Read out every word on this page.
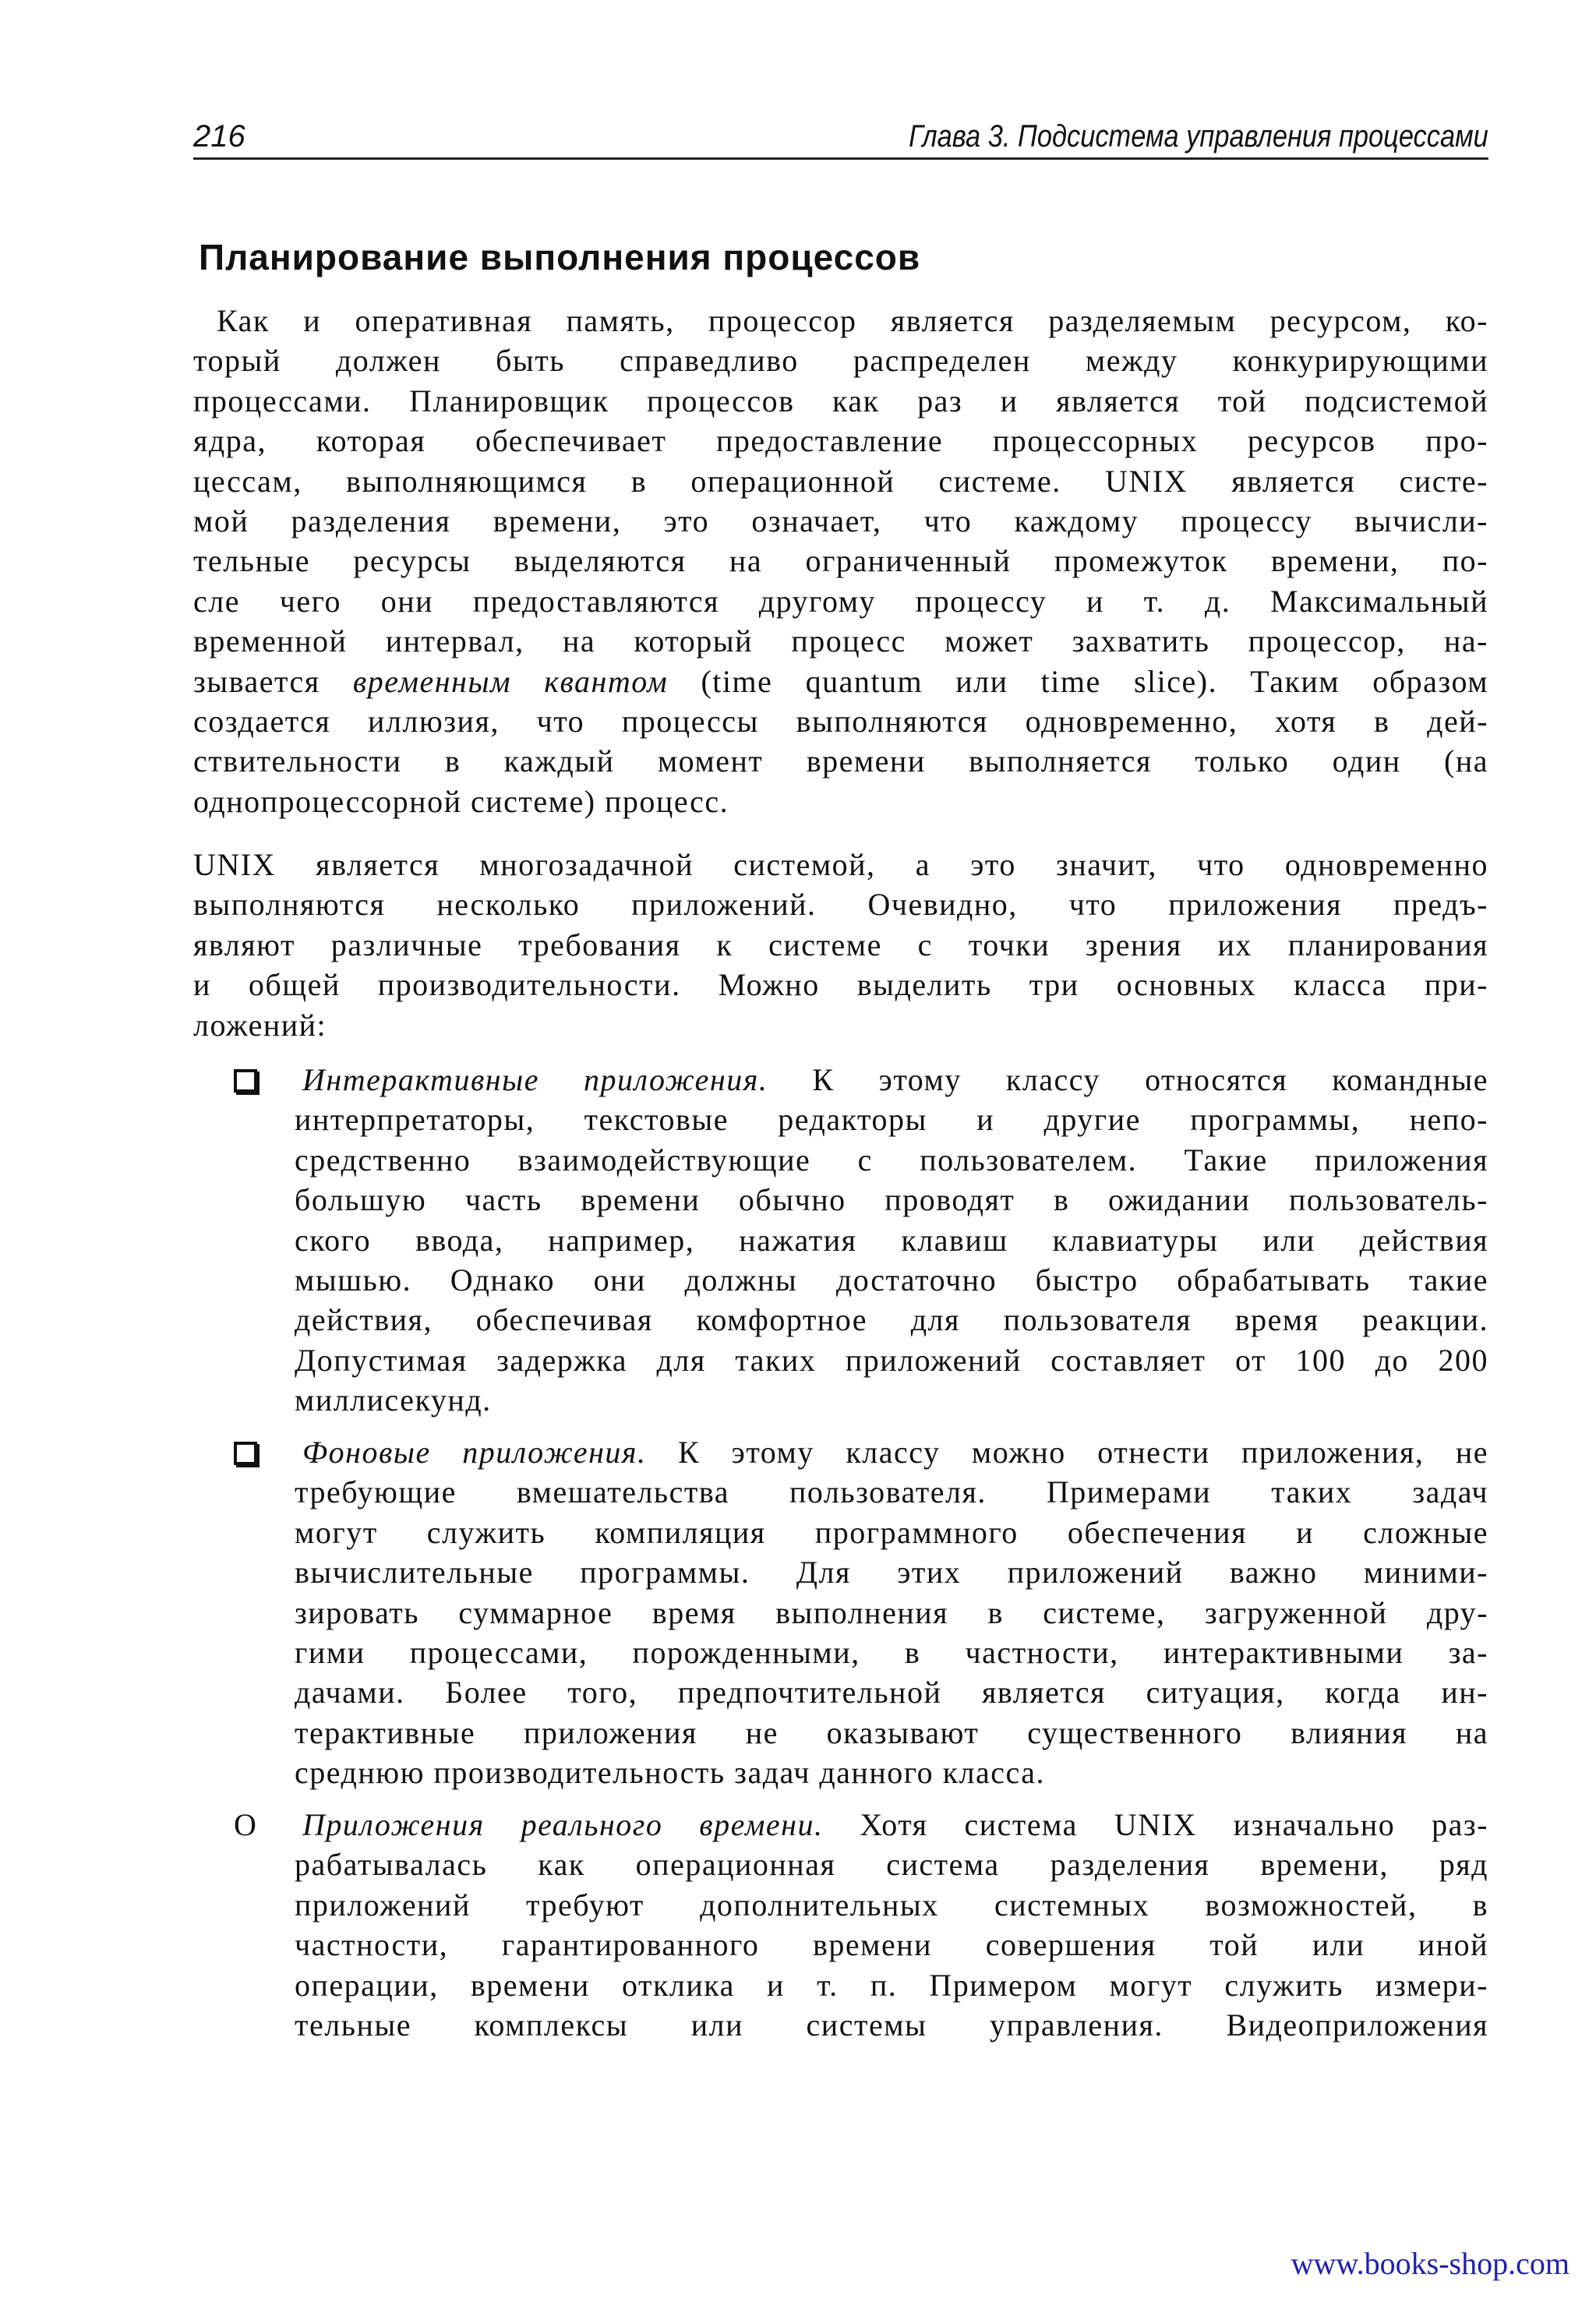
216	Глава 3. Подсистема управления процессами
Планирование выполнения процессов
Как и оперативная память, процессор является разделяемым ресурсом, ко-
торый должен быть справедливо распределен между конкурирующими
процессами. Планировщик процессов как раз и является той подсистемой
ядра, которая обеспечивает предоставление процессорных ресурсов про-
цессам, выполняющимся в операционной системе. UNIX является систе-
мой разделения времени, это означает, что каждому процессу вычисли-
тельные ресурсы выделяются на ограниченный промежуток времени, по-
сле чего они предоставляются другому процессу и т. д. Максимальный
временной интервал, на который процесс может захватить процессор, на-
зывается временным квантом (time quantum или time slice). Таким образом
создается иллюзия, что процессы выполняются одновременно, хотя в дей-
ствительности в каждый момент времени выполняется только один (на
однопроцессорной системе) процесс.
UNIX является многозадачной системой, а это значит, что одновременно
выполняются несколько приложений. Очевидно, что приложения предъ-
являют различные требования к системе с точки зрения их планирования
и общей производительности. Можно выделить три основных класса при-
ложений:
Интерактивные приложения. К этому классу относятся командные
интерпретаторы, текстовые редакторы и другие программы, непо-
средственно взаимодействующие с пользователем. Такие приложения
большую часть времени обычно проводят в ожидании пользователь-
ского ввода, например, нажатия клавиш клавиатуры или действия
мышью. Однако они должны достаточно быстро обрабатывать такие
действия, обеспечивая комфортное для пользователя время реакции.
Допустимая задержка для таких приложений составляет от 100 до 200
миллисекунд.
Фоновые приложения. К этому классу можно отнести приложения, не
требующие вмешательства пользователя. Примерами таких задач
могут служить компиляция программного обеспечения и сложные
вычислительные программы. Для этих приложений важно миними-
зировать суммарное время выполнения в системе, загруженной дру-
гими процессами, порожденными, в частности, интерактивными за-
дачами. Более того, предпочтительной является ситуация, когда ин-
терактивные приложения не оказывают существенного влияния на
среднюю производительность задач данного класса.
О Приложения реального времени. Хотя система UNIX изначально раз-
рабатывалась как операционная система разделения времени, ряд
приложений требуют дополнительных системных возможностей, в
частности, гарантированного времени совершения той или иной
операции, времени отклика и т. п. Примером могут служить измери-
тельные комплексы или системы управления. Видеоприложения
www.books-shop.com
